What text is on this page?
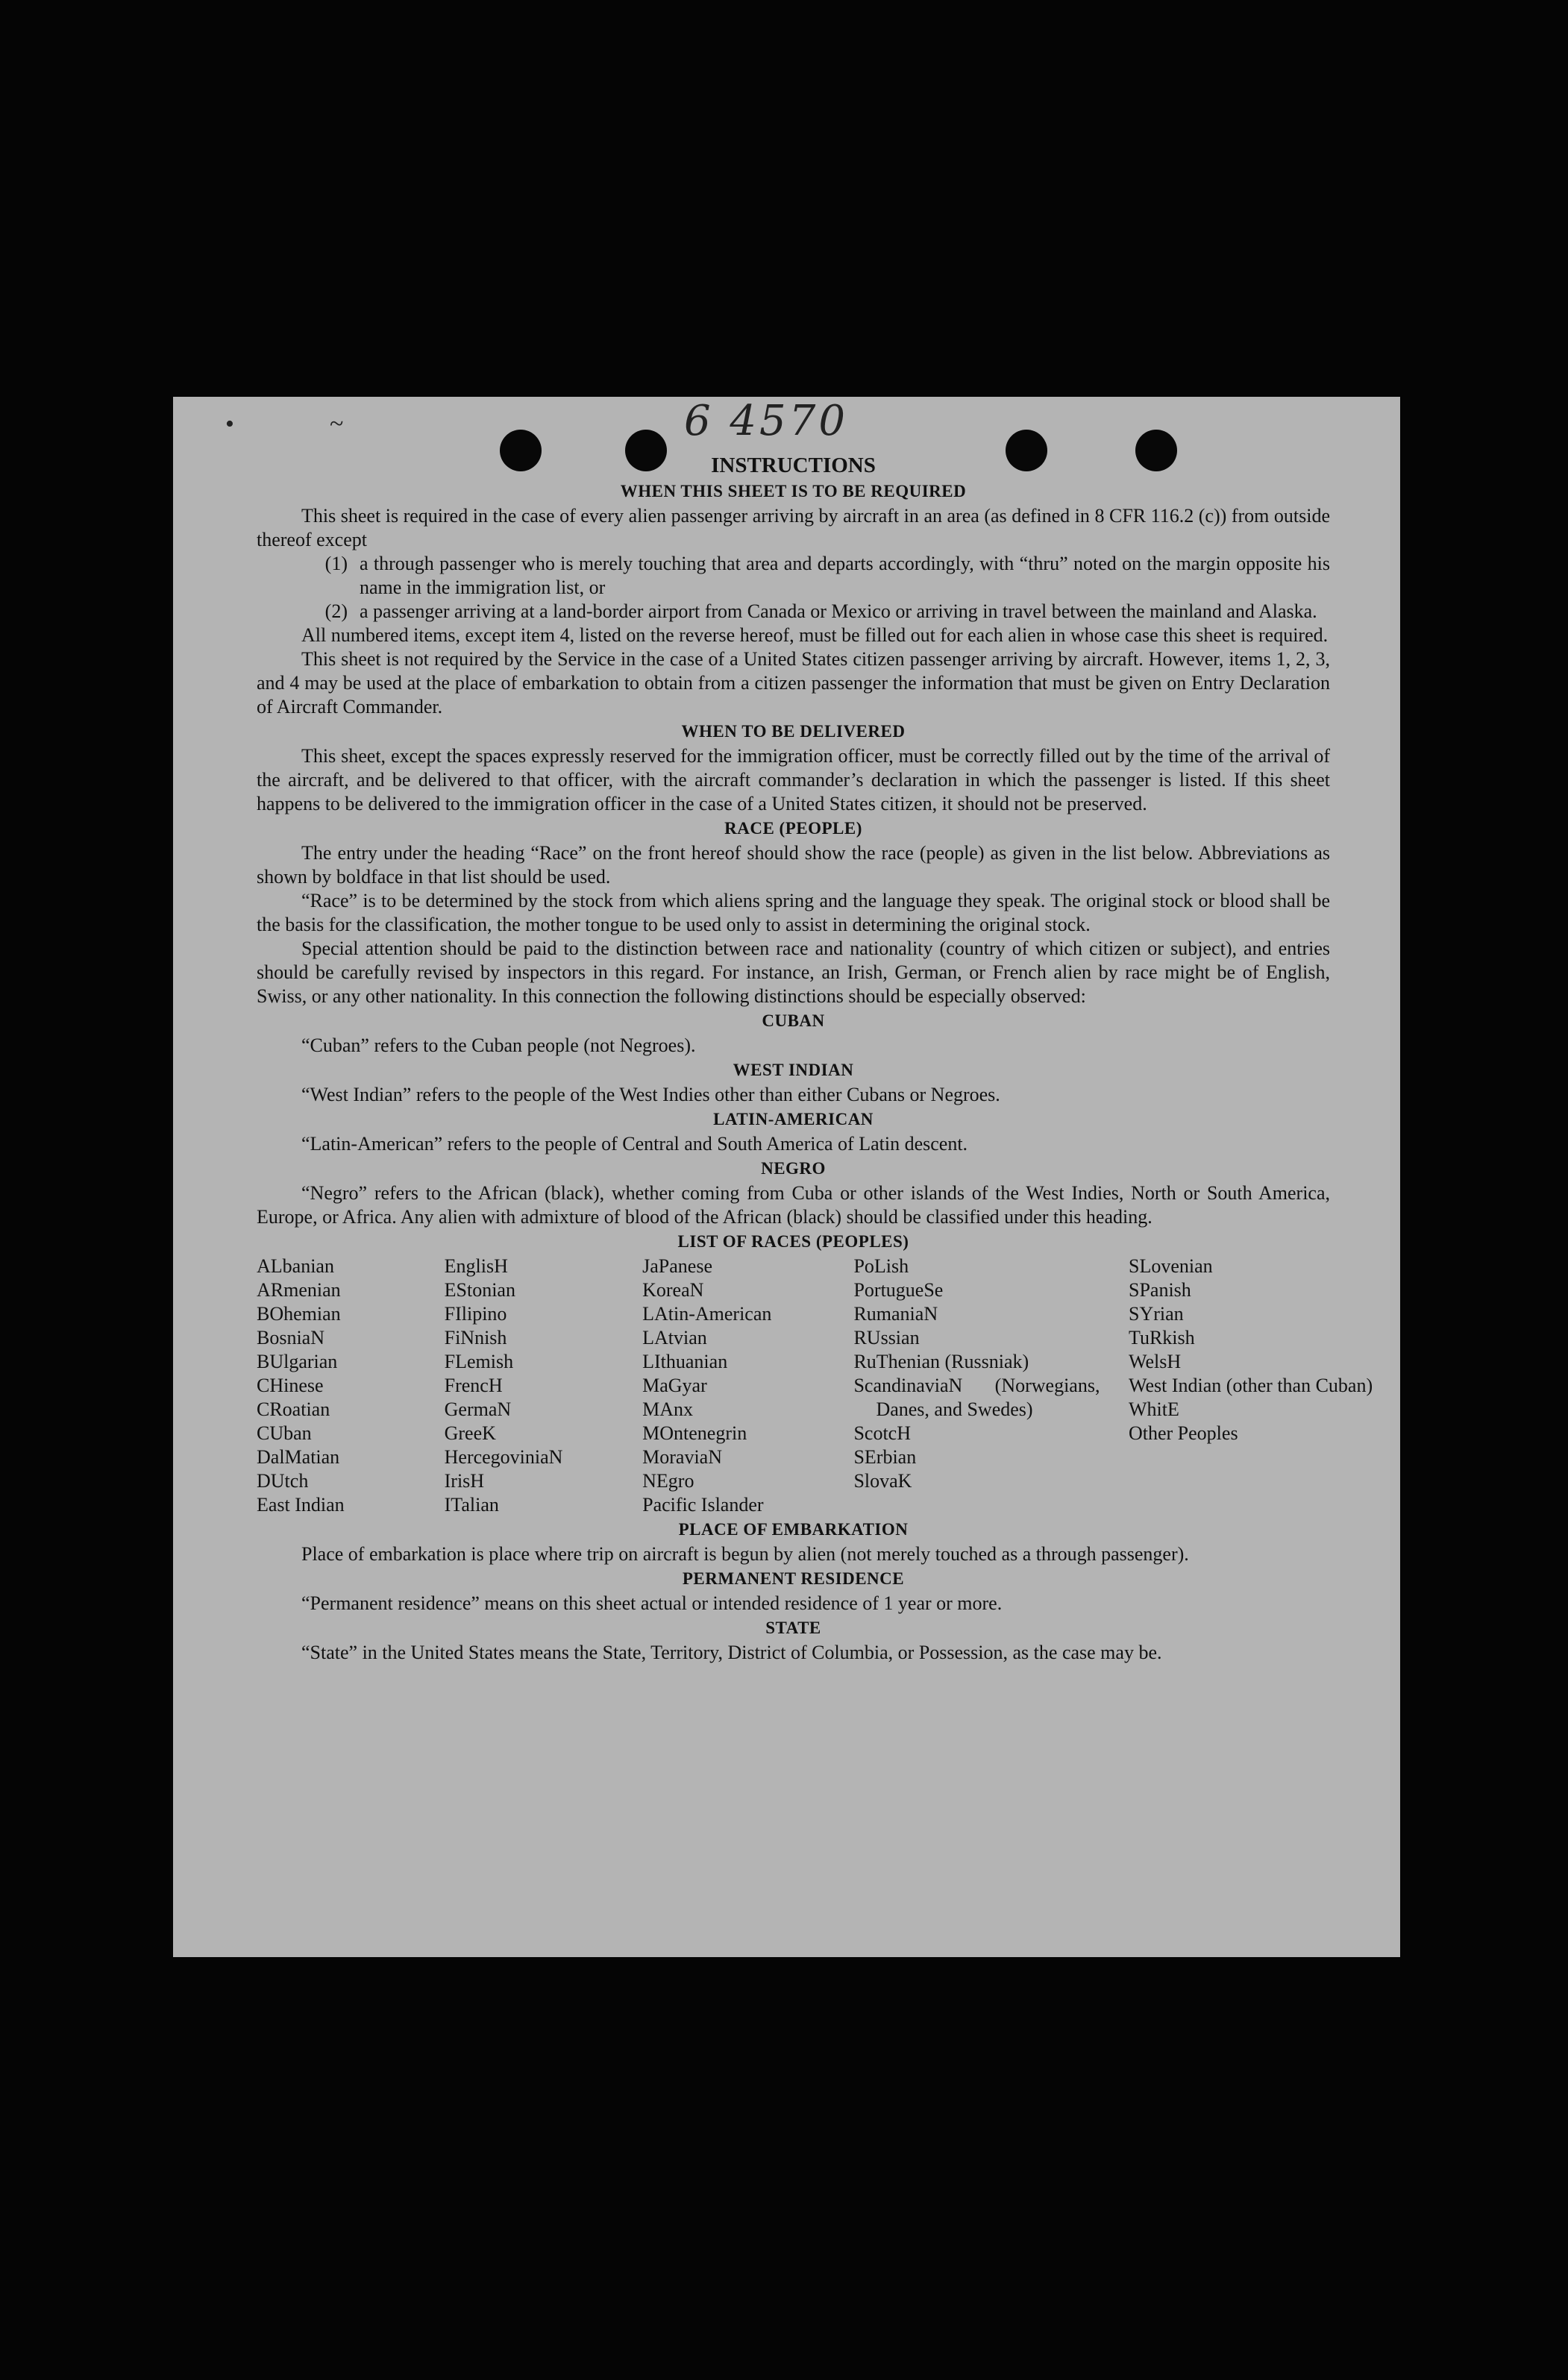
•	~	6 4570
INSTRUCTIONS
WHEN THIS SHEET IS TO BE REQUIRED

This sheet is required in the case of every alien passenger arriving by aircraft in an area (as defined in 8 CFR 116.2 (c)) from outside thereof except

(1) a through passenger who is merely touching that area and departs accordingly, with “thru” noted on the margin opposite his name in the immigration list, or
(2) a passenger arriving at a land-border airport from Canada or Mexico or arriving in travel between the mainland and Alaska.

All numbered items, except item 4, listed on the reverse hereof, must be filled out for each alien in whose case this sheet is required.

This sheet is not required by the Service in the case of a United States citizen passenger arriving by aircraft. However, items 1, 2, 3, and 4 may be used at the place of embarkation to obtain from a citizen passenger the information that must be given on Entry Declaration of Aircraft Commander.

WHEN TO BE DELIVERED

This sheet, except the spaces expressly reserved for the immigration officer, must be correctly filled out by the time of the arrival of the aircraft, and be delivered to that officer, with the aircraft commander’s declaration in which the passenger is listed. If this sheet happens to be delivered to the immigration officer in the case of a United States citizen, it should not be preserved.

RACE (PEOPLE)

The entry under the heading “Race” on the front hereof should show the race (people) as given in the list below. Abbreviations as shown by boldface in that list should be used.

“Race” is to be determined by the stock from which aliens spring and the language they speak. The original stock or blood shall be the basis for the classification, the mother tongue to be used only to assist in determining the original stock.

Special attention should be paid to the distinction between race and nationality (country of which citizen or subject), and entries should be carefully revised by inspectors in this regard. For instance, an Irish, German, or French alien by race might be of English, Swiss, or any other nationality. In this connection the following distinctions should be especially observed:

CUBAN

“Cuban” refers to the Cuban people (not Negroes).

WEST INDIAN

“West Indian” refers to the people of the West Indies other than either Cubans or Negroes.

LATIN-AMERICAN

“Latin-American” refers to the people of Central and South America of Latin descent.

NEGRO

“Negro” refers to the African (black), whether coming from Cuba or other islands of the West Indies, North or South America, Europe, or Africa. Any alien with admixture of blood of the African (black) should be classified under this heading.

LIST OF RACES (PEOPLES)
ALbanian
ARmenian
BOhemian
BosniaN
BUlgarian
CHinese
CRoatian
CUban
DalMatian
DUtch
East Indian
EnglisH
EStonian
FIlipino
FiNnish
FLemish
FrencH
GermaN
GreeK
HercegoviniaN
IrisH
ITalian
JaPanese
KoreaN
LAtin-American
LAtvian
LIthuanian
MaGyar
MAnx
MOntenegrin
MoraviaN
NEgro
Pacific Islander
PoLish
PortugueSe
RumaniaN
RUssian
RuThenian (Russniak)
ScandinaviaN (Norwegians, Danes, and Swedes)
ScotcH
SErbian
SlovaK
SLovenian
SPanish
SYrian
TuRkish
WelsH
West Indian (other than Cuban)
WhitE
Other Peoples
PLACE OF EMBARKATION

Place of embarkation is place where trip on aircraft is begun by alien (not merely touched as a through passenger).

PERMANENT RESIDENCE

“Permanent residence” means on this sheet actual or intended residence of 1 year or more.

STATE

“State” in the United States means the State, Territory, District of Columbia, or Possession, as the case may be.
